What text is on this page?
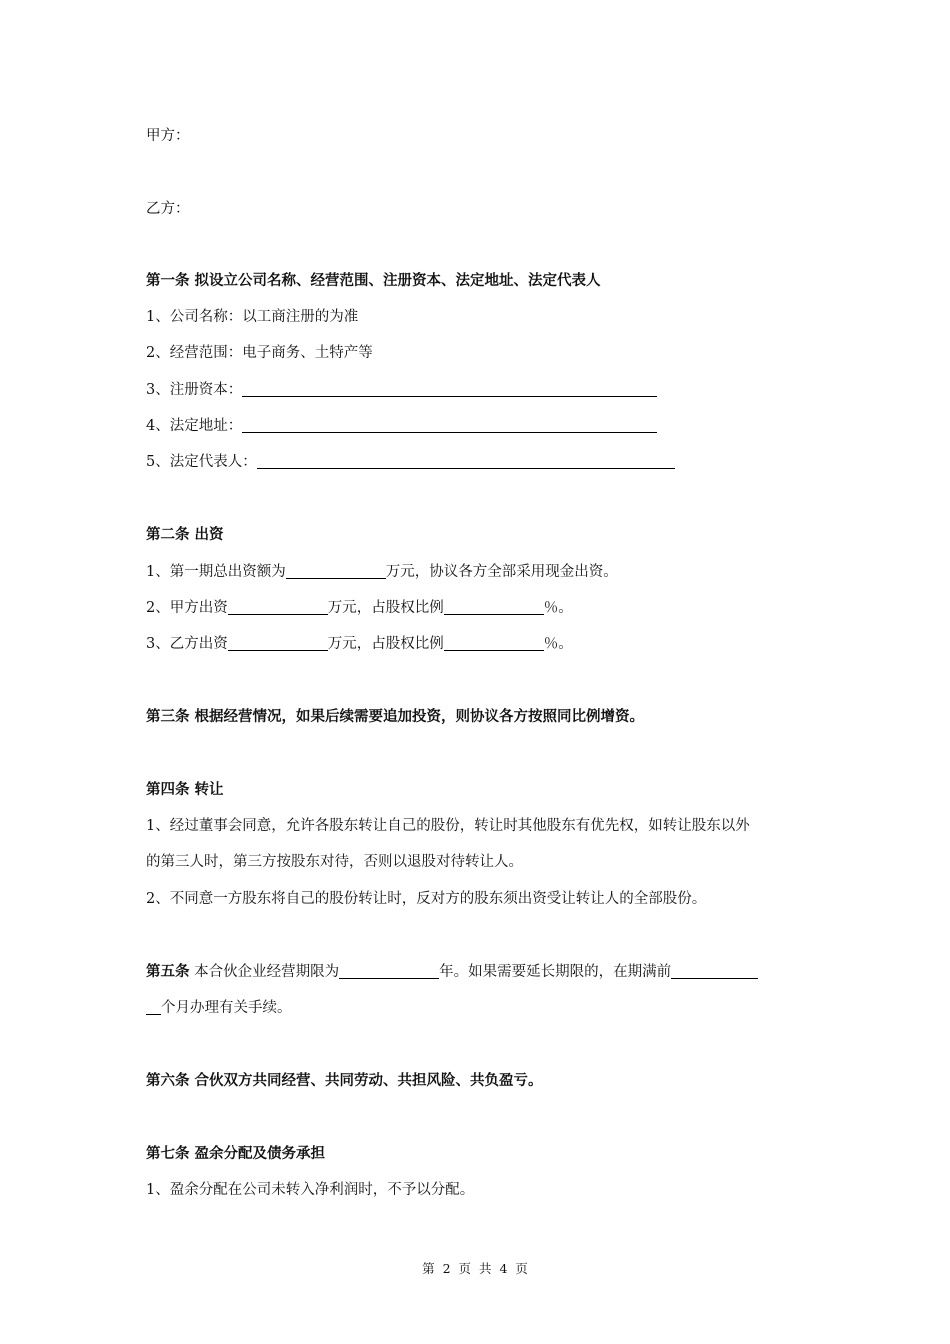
甲方：
乙方：
第一条 拟设立公司名称、经营范围、注册资本、法定地址、法定代表人
1、公司名称：以工商注册的为准
2、经营范围：电子商务、土特产等
3、注册资本：
4、法定地址：
5、法定代表人：
第二条 出资
1、第一期总出资额为	万元，协议各方全部采用现金出资。
2、甲方出资	万元，占股权比例	％。
3、乙方出资	万元，占股权比例	％。
第三条 根据经营情况，如果后续需要追加投资，则协议各方按照同比例增资。
第四条 转让
1、经过董事会同意，允许各股东转让自己的股份，转让时其他股东有优先权，如转让股东以外
的第三人时，第三方按股东对待，否则以退股对待转让人。
2、不同意一方股东将自己的股份转让时，反对方的股东须出资受让转让人的全部股份。
第五条 本合伙企业经营期限为	年。如果需要延长期限的，在期满前
个月办理有关手续。
第六条 合伙双方共同经营、共同劳动、共担风险、共负盈亏。
第七条 盈余分配及债务承担
1、盈余分配在公司未转入净利润时，不予以分配。
第 2 页 共 4 页
